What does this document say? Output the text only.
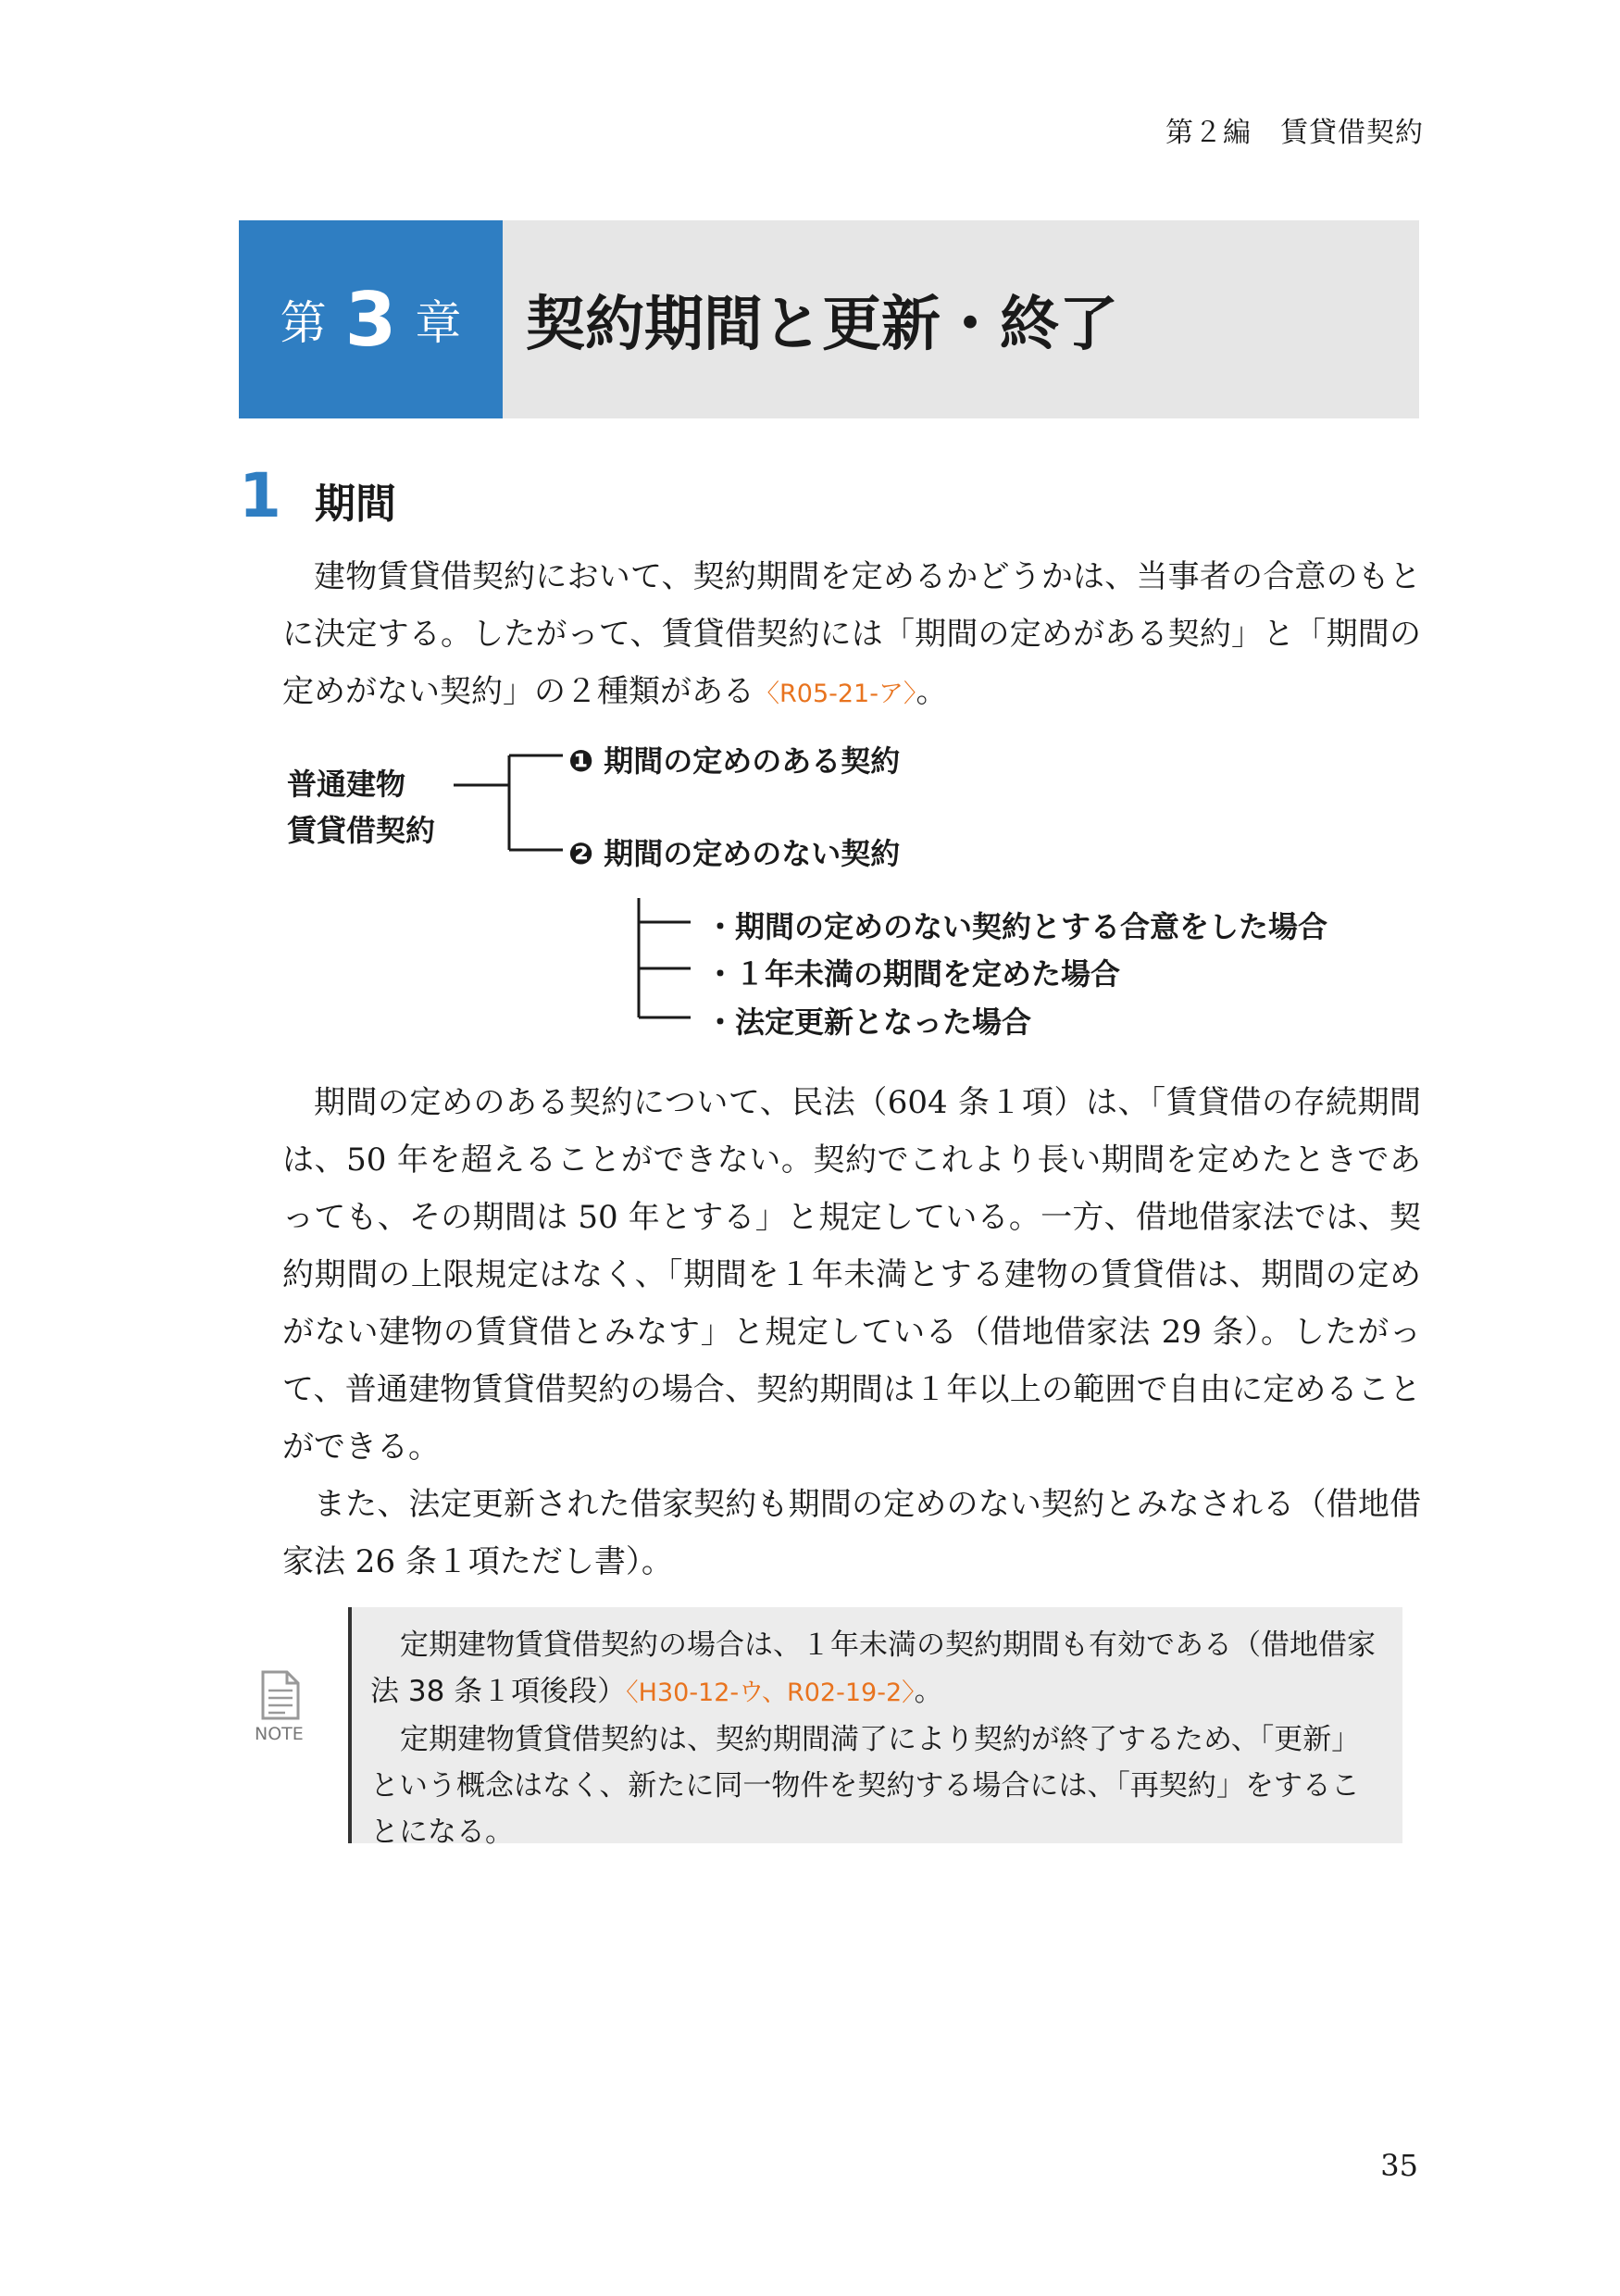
第２編　賃貸借契約
第 3 章 契約期間と更新・終了
1 期間

建物賃貸借契約において、契約期間を定めるかどうかは、当事者の合意のもとに決定する。したがって、賃貸借契約には「期間の定めがある契約」と「期間の定めがない契約」の２種類がある〈R05-21-ア〉。

普通建物
賃貸借契約
❶ 期間の定めのある契約
❷ 期間の定めのない契約
・期間の定めのない契約とする合意をした場合
・１年未満の期間を定めた場合
・法定更新となった場合

期間の定めのある契約について、民法（604 条１項）は、「賃貸借の存続期間は、50 年を超えることができない。契約でこれより長い期間を定めたときであっても、その期間は 50 年とする」と規定している。一方、借地借家法では、契約期間の上限規定はなく、「期間を１年未満とする建物の賃貸借は、期間の定めがない建物の賃貸借とみなす」と規定している（借地借家法 29 条）。したがって、普通建物賃貸借契約の場合、契約期間は１年以上の範囲で自由に定めることができる。

また、法定更新された借家契約も期間の定めのない契約とみなされる（借地借家法 26 条１項ただし書）。

NOTE

定期建物賃貸借契約の場合は、１年未満の契約期間も有効である（借地借家法 38 条１項後段）〈H30-12-ウ、R02-19-2〉。

定期建物賃貸借契約は、契約期間満了により契約が終了するため、「更新」という概念はなく、新たに同一物件を契約する場合には、「再契約」をすることになる。

35
